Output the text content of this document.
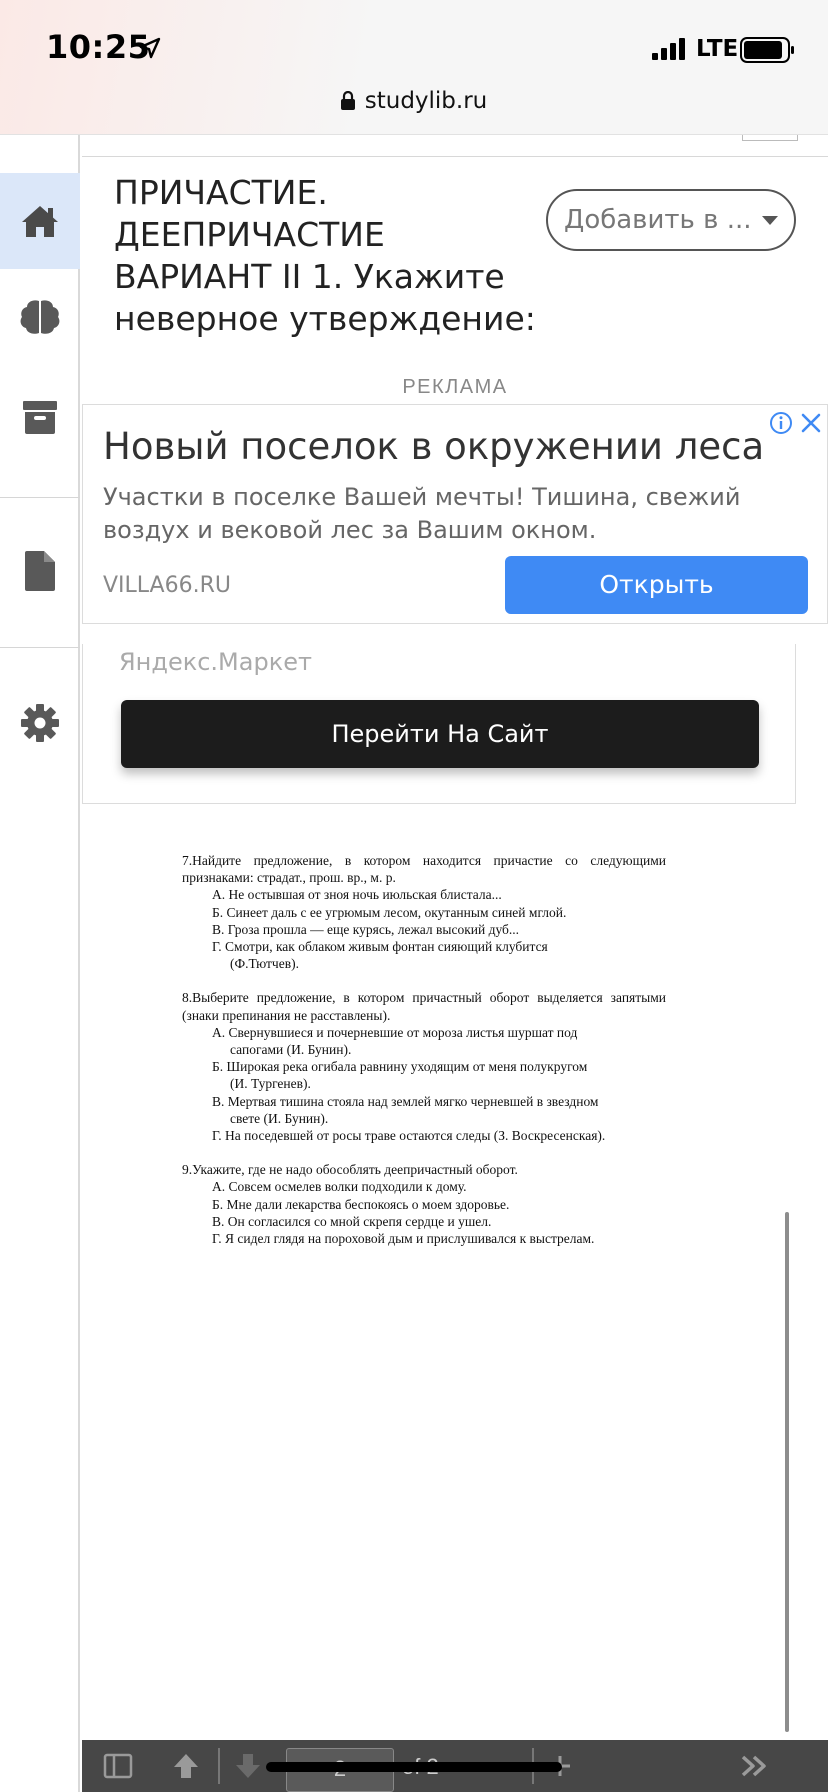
10:25	LTE
studylib.ru
ПРИЧАСТИЕ. ДЕЕПРИЧАСТИЕ ВАРИАНТ II 1. Укажите неверное утверждение:
Добавить в ...
РЕКЛАМА
Новый поселок в окружении леса
Участки в поселке Вашей мечты! Тишина, свежий воздух и вековой лес за Вашим окном.
VILLA66.RU	Открыть
Яндекс.Маркет
Перейти На Сайт
7.Найдите предложение, в котором находится причастие со следующими признаками: страдат., прош. вр., м. р.
А. Не остывшая от зноя ночь июльская блистала...
Б. Синеет даль с ее угрюмым лесом, окутанным синей мглой.
В. Гроза прошла — еще курясь, лежал высокий дуб...
Г. Смотри, как облаком живым фонтан сияющий клубится
(Ф.Тютчев).
8.Выберите предложение, в котором причастный оборот выделяется запятыми (знаки препинания не расставлены).
А. Свернувшиеся и почерневшие от мороза листья шуршат под
сапогами (И. Бунин).
Б. Широкая река огибала равнину уходящим от меня полукругом
(И. Тургенев).
В. Мертвая тишина стояла над землей мягко черневшей в звездном
свете (И. Бунин).
Г. На поседевшей от росы траве остаются следы (З. Воскресенская).
9.Укажите, где не надо обособлять деепричастный оборот.
А. Совсем осмелев волки подходили к дому.
Б. Мне дали лекарства беспокоясь о моем здоровье.
В. Он согласился со мной скрепя сердце и ушел.
Г. Я сидел глядя на пороховой дым и прислушивался к выстрелам.
